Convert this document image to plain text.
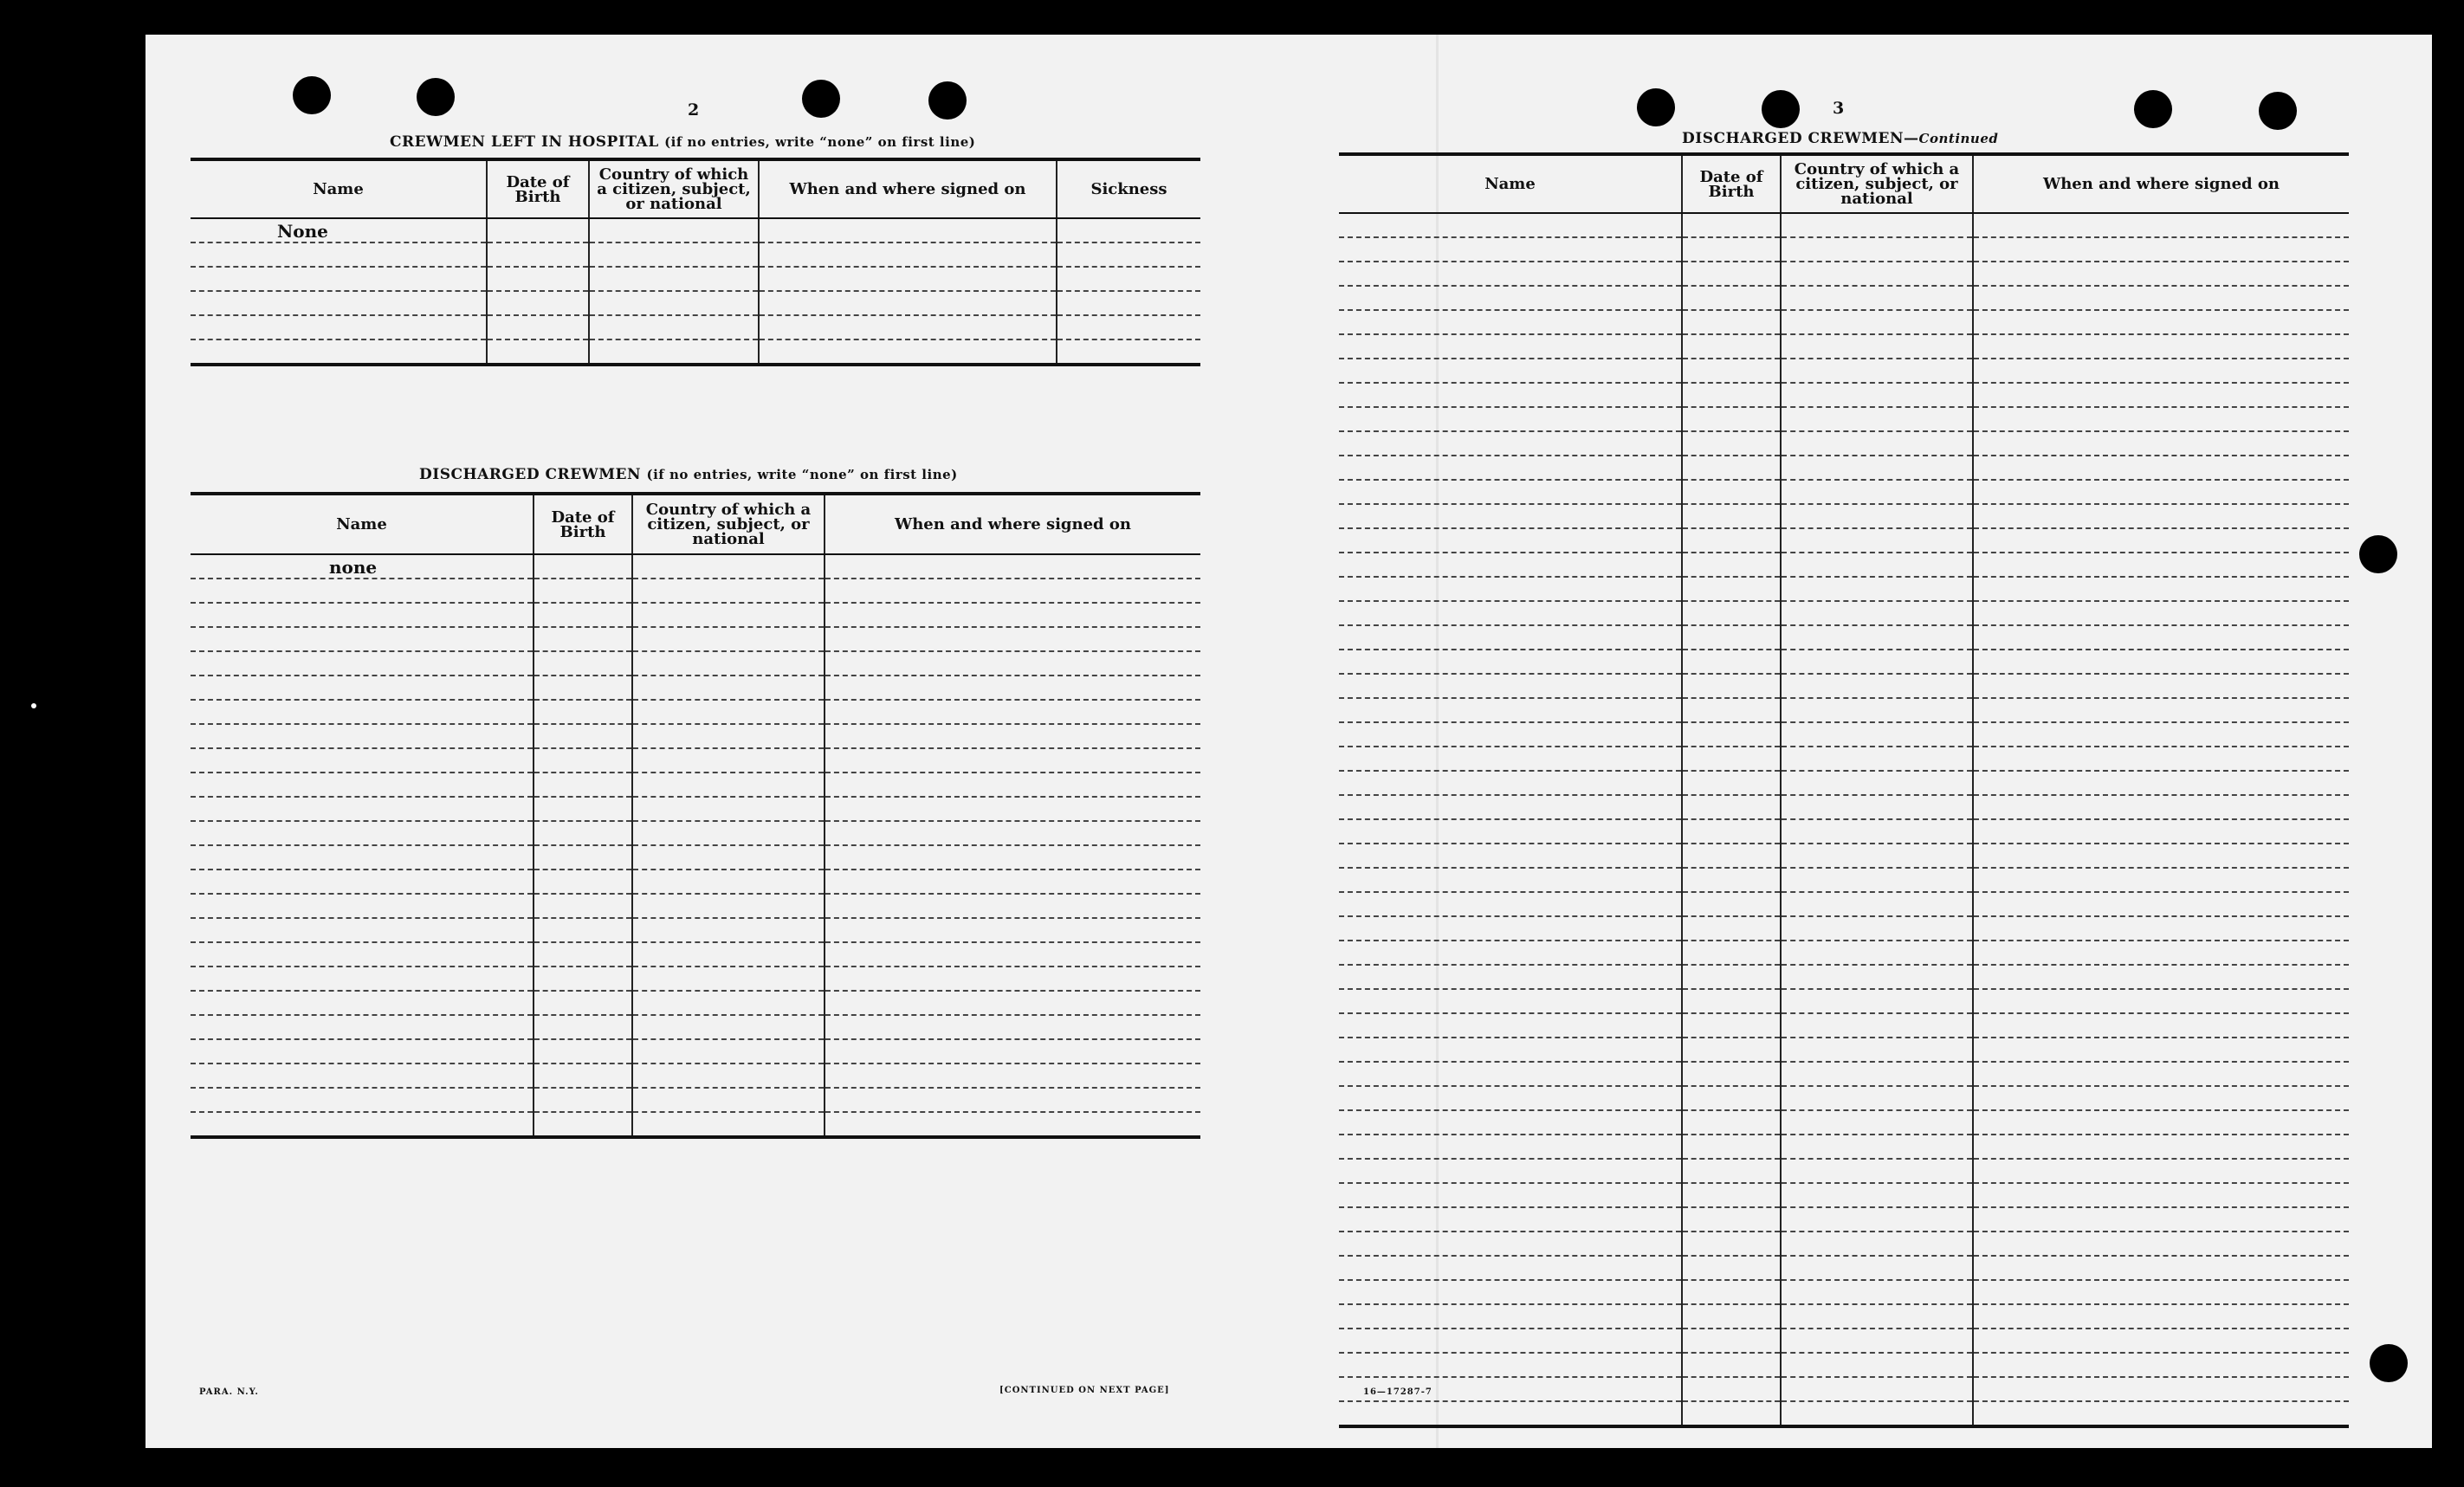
2
CREWMEN LEFT IN HOSPITAL (if no entries, write “none” on first line)
Name	Date of Birth	Country of which a citizen, subject, or national	When and where signed on	Sickness
None				

DISCHARGED CREWMEN (if no entries, write “none” on first line)
Name	Date of Birth	Country of which a citizen, subject, or national	When and where signed on
none			

PARA. N.Y.	[CONTINUED ON NEXT PAGE]
3
DISCHARGED CREWMEN—Continued
Name	Date of Birth	Country of which a citizen, subject, or national	When and where signed on

16—17287-7
